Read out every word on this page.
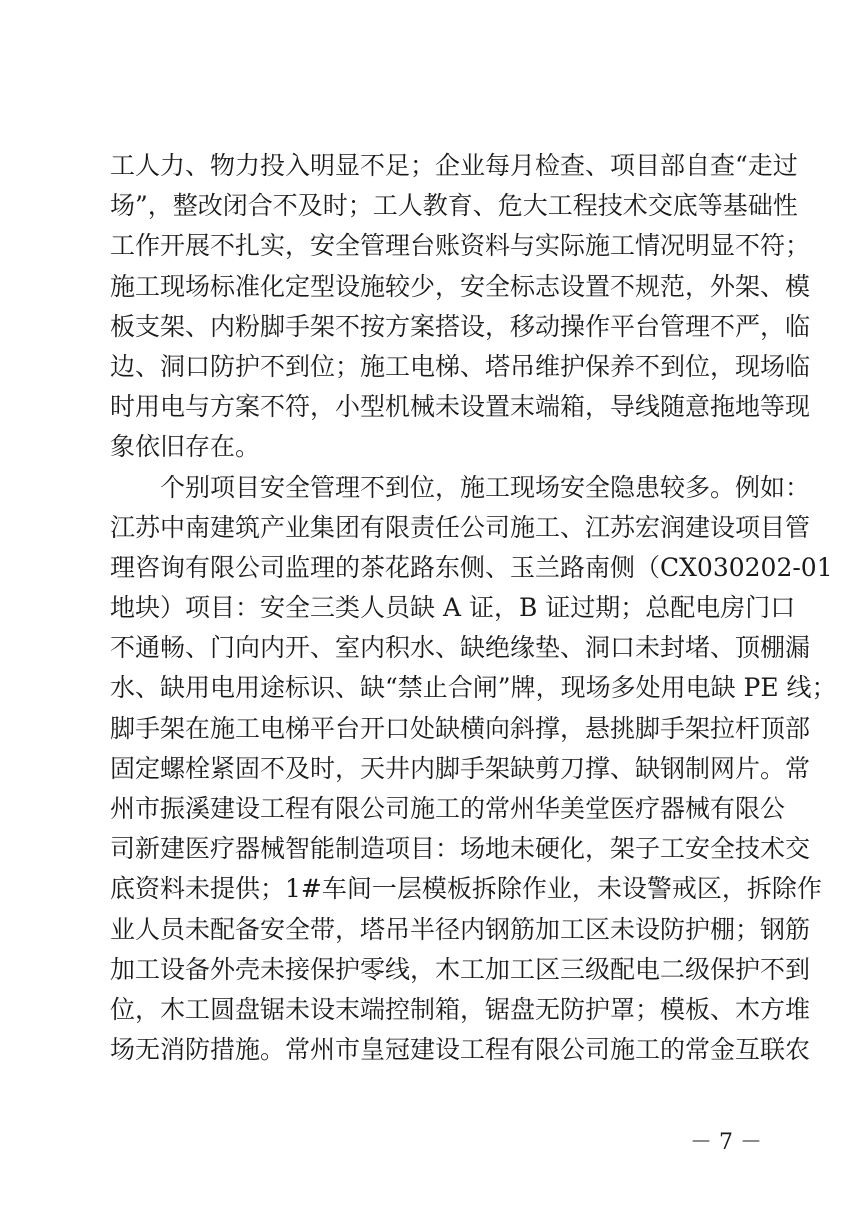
工人力、物力投入明显不足；企业每月检查、项目部自查“走过
场”，整改闭合不及时；工人教育、危大工程技术交底等基础性
工作开展不扎实，安全管理台账资料与实际施工情况明显不符；
施工现场标准化定型设施较少，安全标志设置不规范，外架、模
板支架、内粉脚手架不按方案搭设，移动操作平台管理不严，临
边、洞口防护不到位；施工电梯、塔吊维护保养不到位，现场临
时用电与方案不符，小型机械未设置末端箱，导线随意拖地等现
象依旧存在。
个别项目安全管理不到位，施工现场安全隐患较多。例如：
江苏中南建筑产业集团有限责任公司施工、江苏宏润建设项目管
理咨询有限公司监理的茶花路东侧、玉兰路南侧（CX030202-01
地块）项目：安全三类人员缺 A 证，B 证过期；总配电房门口
不通畅、门向内开、室内积水、缺绝缘垫、洞口未封堵、顶棚漏
水、缺用电用途标识、缺“禁止合闸”牌，现场多处用电缺 PE 线；
脚手架在施工电梯平台开口处缺横向斜撑，悬挑脚手架拉杆顶部
固定螺栓紧固不及时，天井内脚手架缺剪刀撑、缺钢制网片。常
州市振溪建设工程有限公司施工的常州华美堂医疗器械有限公
司新建医疗器械智能制造项目：场地未硬化，架子工安全技术交
底资料未提供；1#车间一层模板拆除作业，未设警戒区，拆除作
业人员未配备安全带，塔吊半径内钢筋加工区未设防护棚；钢筋
加工设备外壳未接保护零线，木工加工区三级配电二级保护不到
位，木工圆盘锯未设末端控制箱，锯盘无防护罩；模板、木方堆
场无消防措施。常州市皇冠建设工程有限公司施工的常金互联农
－ 7 －
